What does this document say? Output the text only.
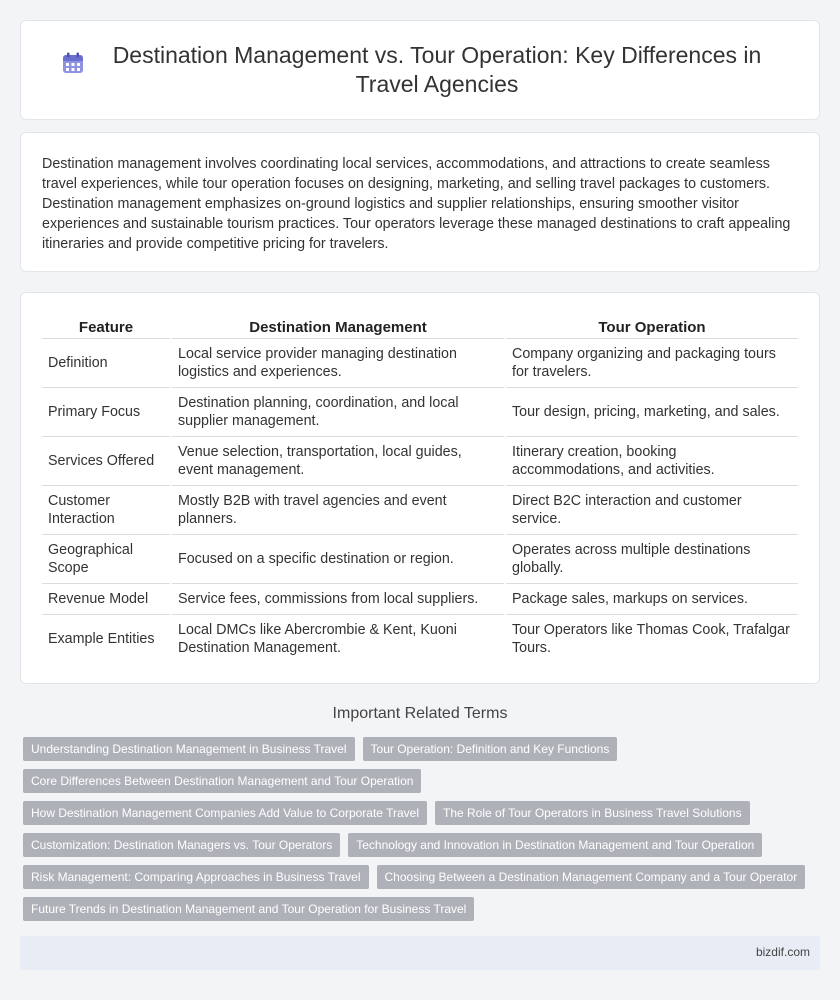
Destination Management vs. Tour Operation: Key Differences in Travel Agencies

Destination management involves coordinating local services, accommodations, and attractions to create seamless travel experiences, while tour operation focuses on designing, marketing, and selling travel packages to customers. Destination management emphasizes on-ground logistics and supplier relationships, ensuring smoother visitor experiences and sustainable tourism practices. Tour operators leverage these managed destinations to craft appealing itineraries and provide competitive pricing for travelers.

Feature	Destination Management	Tour Operation
Definition	Local service provider managing destination logistics and experiences.	Company organizing and packaging tours for travelers.
Primary Focus	Destination planning, coordination, and local supplier management.	Tour design, pricing, marketing, and sales.
Services Offered	Venue selection, transportation, local guides, event management.	Itinerary creation, booking accommodations, and activities.
Customer Interaction	Mostly B2B with travel agencies and event planners.	Direct B2C interaction and customer service.
Geographical Scope	Focused on a specific destination or region.	Operates across multiple destinations globally.
Revenue Model	Service fees, commissions from local suppliers.	Package sales, markups on services.
Example Entities	Local DMCs like Abercrombie & Kent, Kuoni Destination Management.	Tour Operators like Thomas Cook, Trafalgar Tours.
Important Related Terms
Understanding Destination Management in Business Travel	Tour Operation: Definition and Key Functions
Core Differences Between Destination Management and Tour Operation
How Destination Management Companies Add Value to Corporate Travel	The Role of Tour Operators in Business Travel Solutions
Customization: Destination Managers vs. Tour Operators	Technology and Innovation in Destination Management and Tour Operation
Risk Management: Comparing Approaches in Business Travel	Choosing Between a Destination Management Company and a Tour Operator
Future Trends in Destination Management and Tour Operation for Business Travel
bizdif.com
